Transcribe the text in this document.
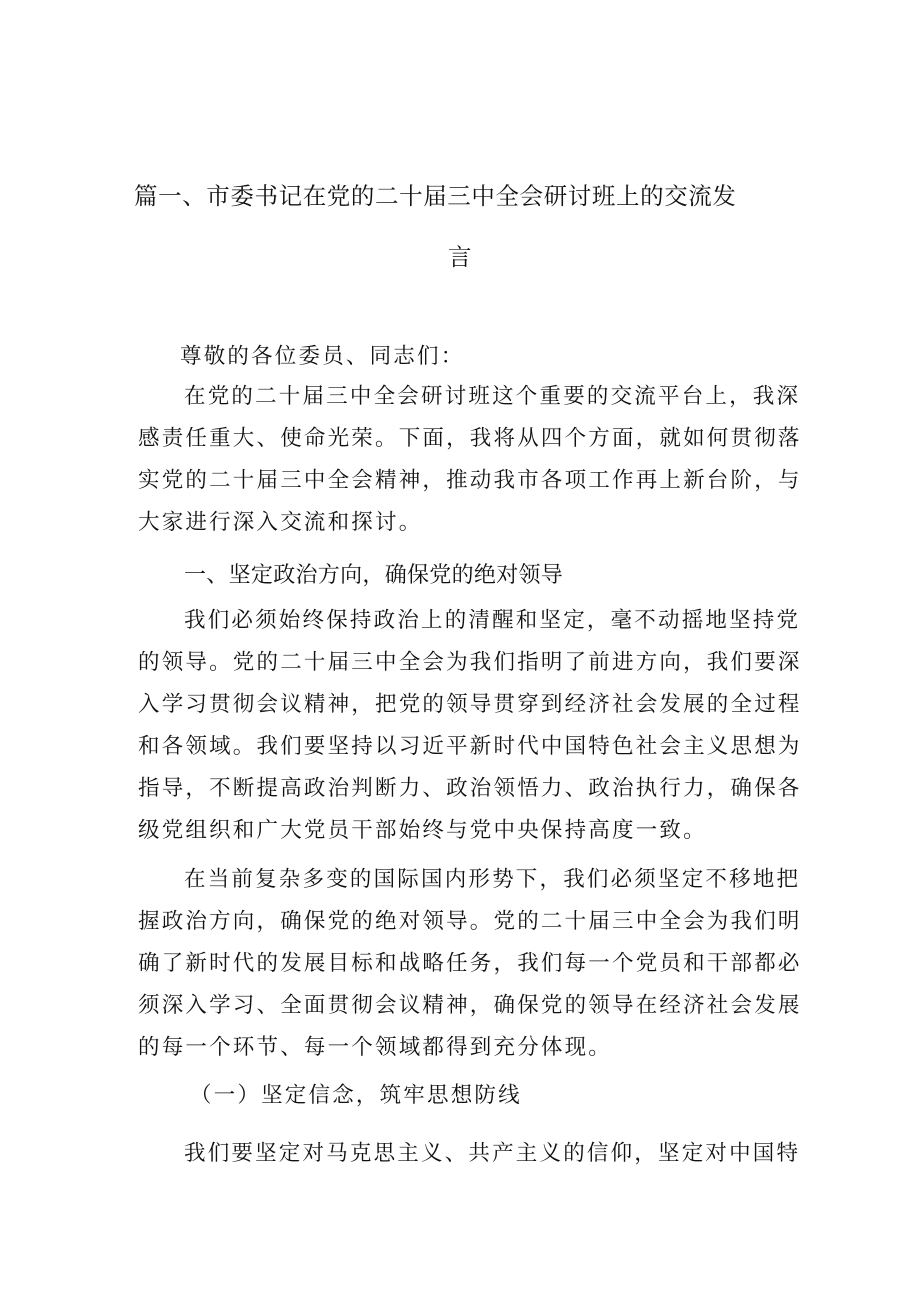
篇一、市委书记在党的二十届三中全会研讨班上的交流发
言
尊敬的各位委员、同志们：
在党的二十届三中全会研讨班这个重要的交流平台上，我深
感责任重大、使命光荣。下面，我将从四个方面，就如何贯彻落
实党的二十届三中全会精神，推动我市各项工作再上新台阶，与
大家进行深入交流和探讨。
一、坚定政治方向，确保党的绝对领导
我们必须始终保持政治上的清醒和坚定，毫不动摇地坚持党
的领导。党的二十届三中全会为我们指明了前进方向，我们要深
入学习贯彻会议精神，把党的领导贯穿到经济社会发展的全过程
和各领域。我们要坚持以习近平新时代中国特色社会主义思想为
指导，不断提高政治判断力、政治领悟力、政治执行力，确保各
级党组织和广大党员干部始终与党中央保持高度一致。
在当前复杂多变的国际国内形势下，我们必须坚定不移地把
握政治方向，确保党的绝对领导。党的二十届三中全会为我们明
确了新时代的发展目标和战略任务，我们每一个党员和干部都必
须深入学习、全面贯彻会议精神，确保党的领导在经济社会发展
的每一个环节、每一个领域都得到充分体现。
（一）坚定信念，筑牢思想防线
我们要坚定对马克思主义、共产主义的信仰，坚定对中国特
